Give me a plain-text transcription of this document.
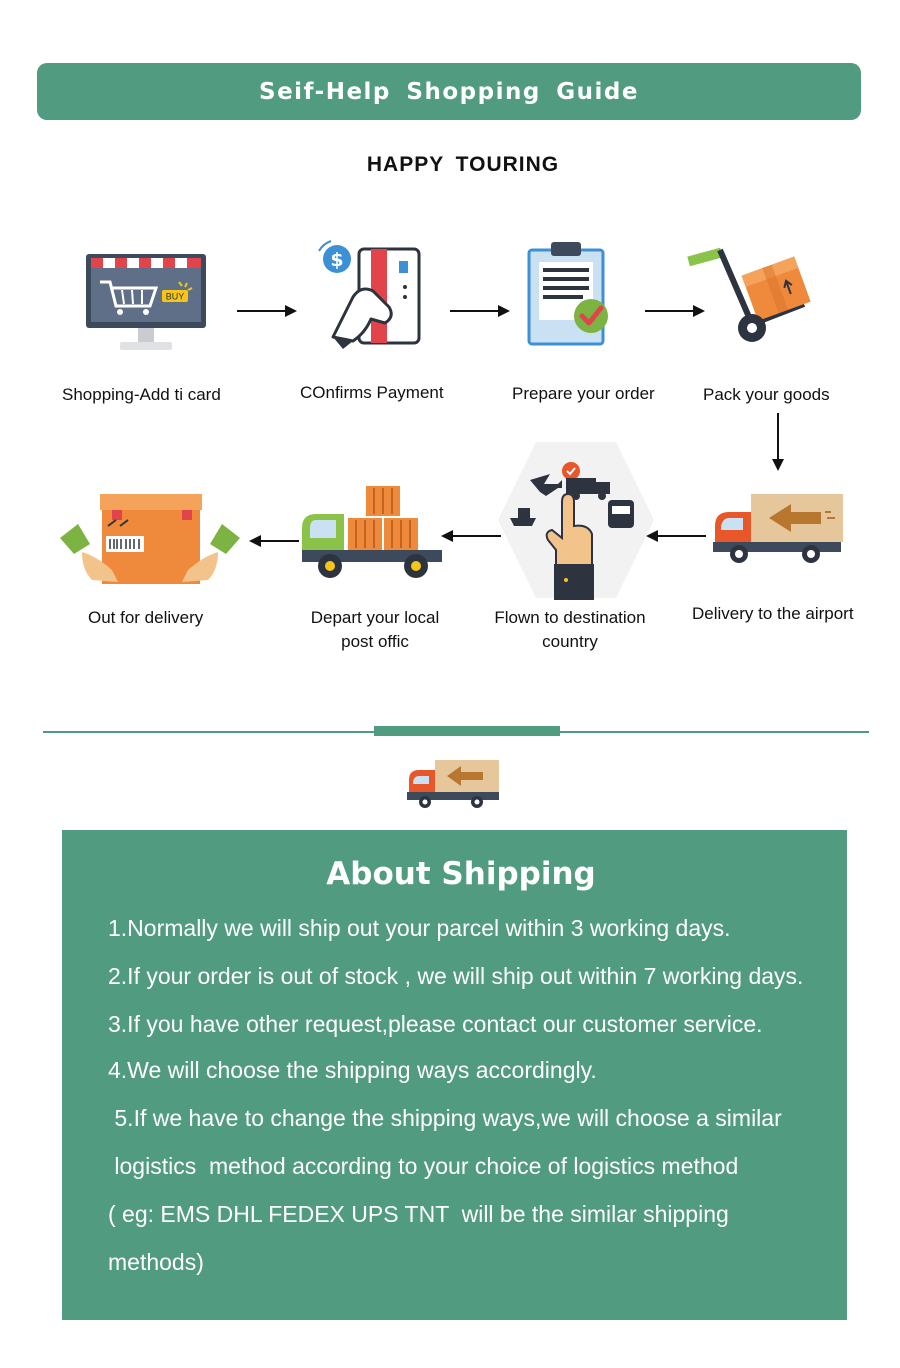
Seif-Help Shopping Guide
HAPPY TOURING
BUY
Shopping-Add ti card
$
COnfirms Payment	Prepare your order	Pack your goods
Delivery to the airport
Flown to destination
country
Depart your local
post offic
Out for delivery
About Shipping
1.Normally we will ship out your parcel within 3 working days.
2.If your order is out of stock , we will ship out within 7 working days.
3.If you have other request,please contact our customer service.
4.We will choose the shipping ways accordingly.
5.If we have to change the shipping ways,we will choose a similar
logistics  method according to your choice of logistics method
( eg: EMS DHL FEDEX UPS TNT  will be the similar shipping
methods)
